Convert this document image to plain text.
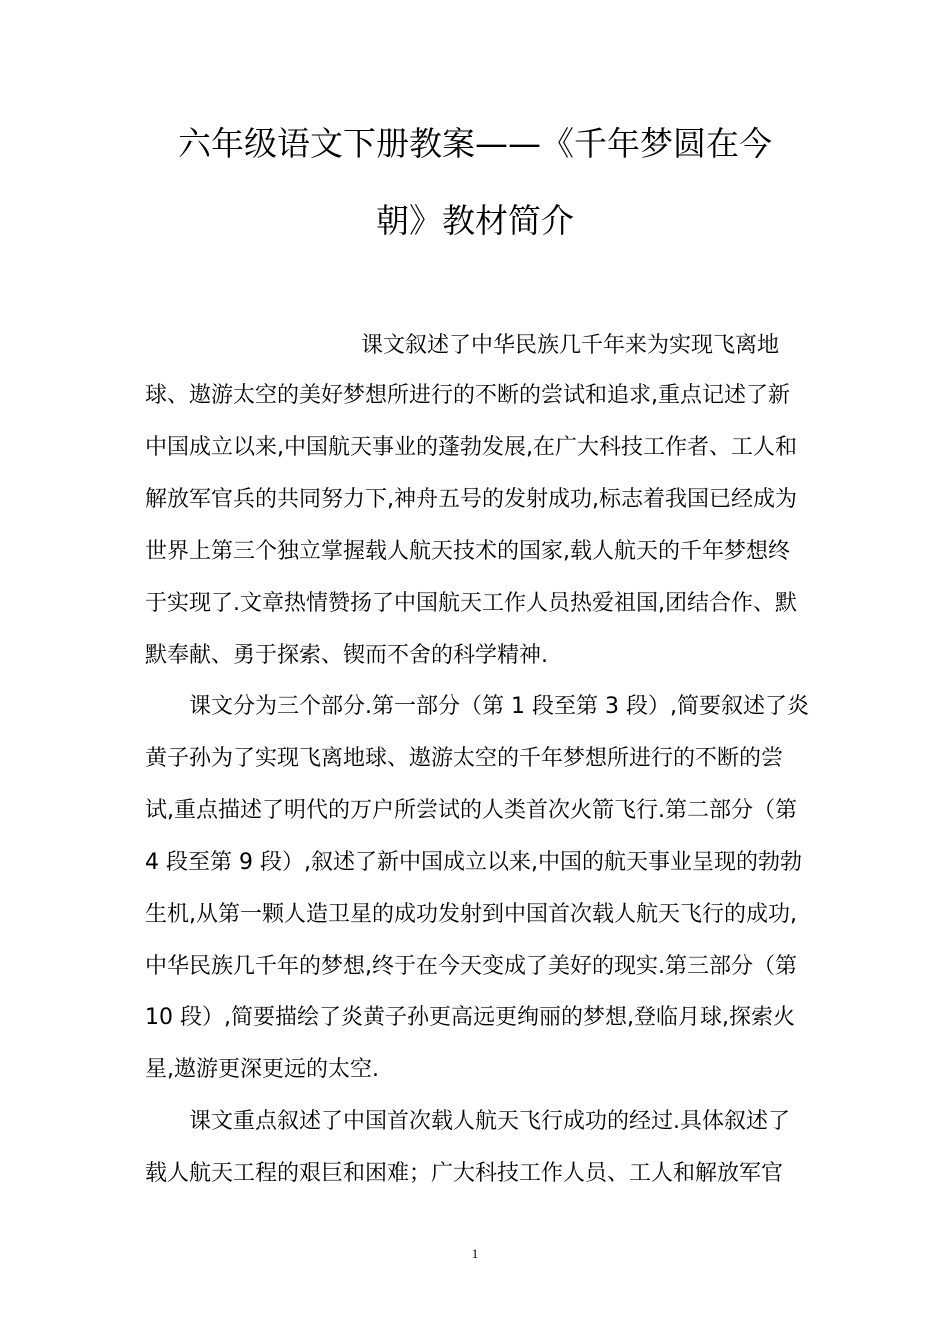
六年级语文下册教案——《千年梦圆在今
朝》教材简介

课文叙述了中华民族几千年来为实现飞离地

球、遨游太空的美好梦想所进行的不断的尝试和追求,重点记述了新

中国成立以来,中国航天事业的蓬勃发展,在广大科技工作者、工人和

解放军官兵的共同努力下,神舟五号的发射成功,标志着我国已经成为

世界上第三个独立掌握载人航天技术的国家,载人航天的千年梦想终

于实现了.文章热情赞扬了中国航天工作人员热爱祖国,团结合作、默

默奉献、勇于探索、锲而不舍的科学精神.

课文分为三个部分.第一部分（第 1 段至第 3 段）,简要叙述了炎

黄子孙为了实现飞离地球、遨游太空的千年梦想所进行的不断的尝

试,重点描述了明代的万户所尝试的人类首次火箭飞行.第二部分（第

4 段至第 9 段）,叙述了新中国成立以来,中国的航天事业呈现的勃勃

生机,从第一颗人造卫星的成功发射到中国首次载人航天飞行的成功,

中华民族几千年的梦想,终于在今天变成了美好的现实.第三部分（第

10 段）,简要描绘了炎黄子孙更高远更绚丽的梦想,登临月球,探索火

星,遨游更深更远的太空.

课文重点叙述了中国首次载人航天飞行成功的经过.具体叙述了

载人航天工程的艰巨和困难；广大科技工作人员、工人和解放军官

1
